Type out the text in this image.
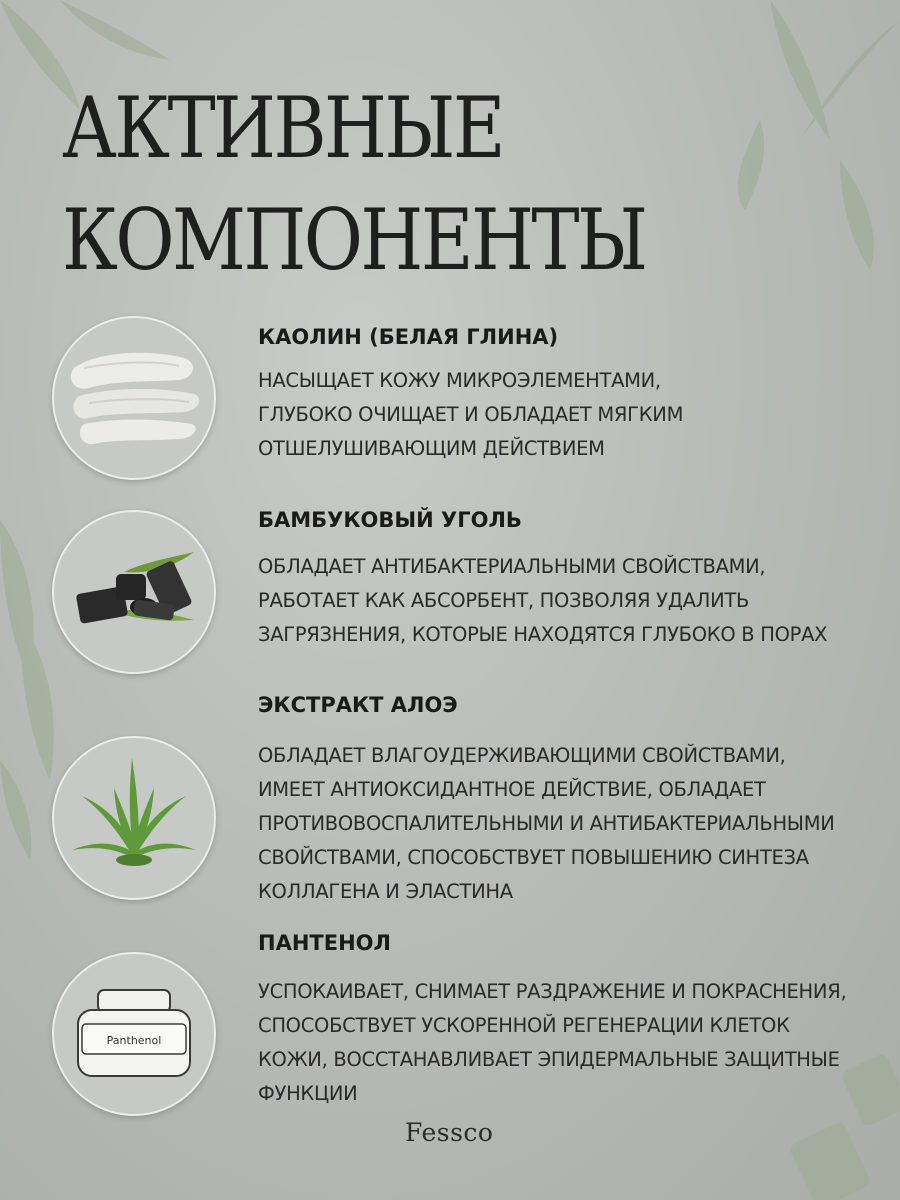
АКТИВНЫЕ
КОМПОНЕНТЫ
КАОЛИН (БЕЛАЯ ГЛИНА)

НАСЫЩАЕТ КОЖУ МИКРОЭЛЕМЕНТАМИ,
ГЛУБОКО ОЧИЩАЕТ И ОБЛАДАЕТ МЯГКИМ
ОТШЕЛУШИВАЮЩИМ ДЕЙСТВИЕМ

БАМБУКОВЫЙ УГОЛЬ

ОБЛАДАЕТ АНТИБАКТЕРИАЛЬНЫМИ СВОЙСТВАМИ,
РАБОТАЕТ КАК АБСОРБЕНТ, ПОЗВОЛЯЯ УДАЛИТЬ
ЗАГРЯЗНЕНИЯ, КОТОРЫЕ НАХОДЯТСЯ ГЛУБОКО В ПОРАХ

ЭКСТРАКТ АЛОЭ

ОБЛАДАЕТ ВЛАГОУДЕРЖИВАЮЩИМИ СВОЙСТВАМИ,
ИМЕЕТ АНТИОКСИДАНТНОЕ ДЕЙСТВИЕ, ОБЛАДАЕТ
ПРОТИВОВОСПАЛИТЕЛЬНЫМИ И АНТИБАКТЕРИАЛЬНЫМИ
СВОЙСТВАМИ, СПОСОБСТВУЕТ ПОВЫШЕНИЮ СИНТЕЗА
КОЛЛАГЕНА И ЭЛАСТИНА

Panthenol
ПАНТЕНОЛ

УСПОКАИВАЕТ, СНИМАЕТ РАЗДРАЖЕНИЕ И ПОКРАСНЕНИЯ,
СПОСОБСТВУЕТ УСКОРЕННОЙ РЕГЕНЕРАЦИИ КЛЕТОК
КОЖИ, ВОССТАНАВЛИВАЕТ ЭПИДЕРМАЛЬНЫЕ ЗАЩИТНЫЕ
ФУНКЦИИ

Fessco
